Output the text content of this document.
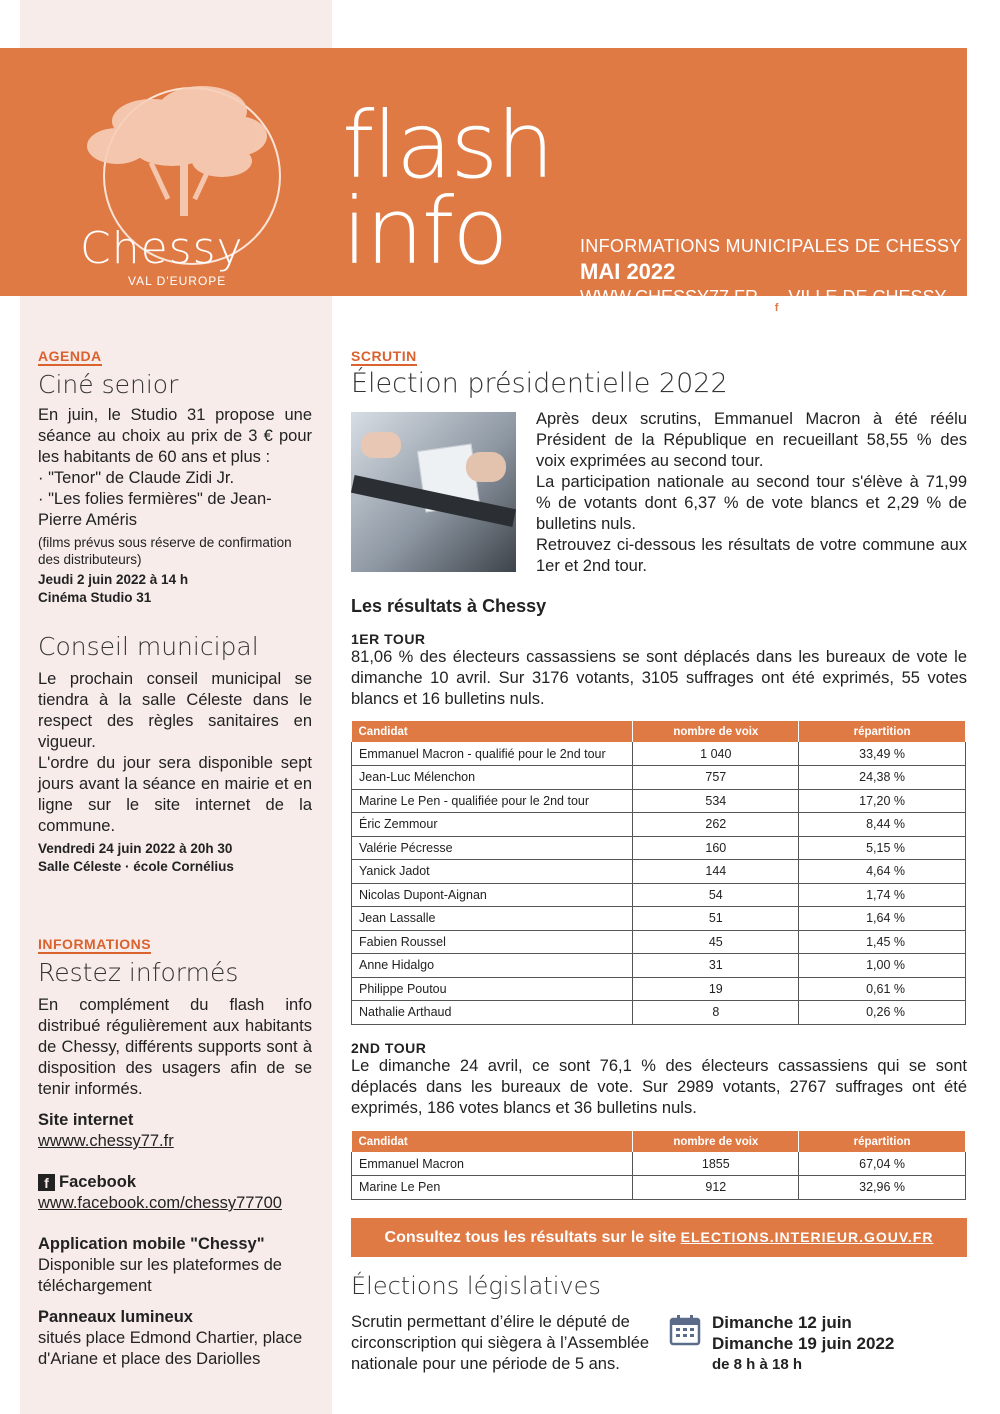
Chessy
VAL D'EUROPE
flash
info	INFORMATIONS MUNICIPALES DE CHESSY
MAI 2022
WWW.CHESSY77.FR ·	f
VILLE DE CHESSY 77
AGENDA
Ciné senior
En juin, le Studio 31 propose une séance au choix au prix de 3 € pour les habitants de 60 ans et plus :
· "Tenor" de Claude Zidi Jr.
· "Les folies fermières" de Jean-Pierre Améris
(films prévus sous réserve de confirmation des distributeurs)
Jeudi 2 juin 2022 à 14 h
Cinéma Studio 31
Conseil municipal
Le prochain conseil municipal se tiendra à la salle Céleste dans le respect des règles sanitaires en vigueur.
L'ordre du jour sera disponible sept jours avant la séance en mairie et en ligne sur le site internet de la commune.
Vendredi 24 juin 2022 à 20h 30
Salle Céleste · école Cornélius
INFORMATIONS
Restez informés
En complément du flash info distribué régulièrement aux habitants de Chessy, différents supports sont à disposition des usagers afin de se tenir informés.
Site internet
wwww.chessy77.fr
f Facebook
www.facebook.com/chessy77700
Application mobile "Chessy"
Disponible sur les plateformes de téléchargement
Panneaux lumineux
situés place Edmond Chartier, place d'Ariane et place des Dariolles
SCRUTIN
Élection présidentielle 2022
Après deux scrutins, Emmanuel Macron à été réélu Président de la République en recueillant 58,55 % des voix exprimées au second tour.
La participation nationale au second tour s'élève à 71,99 % de votants dont 6,37 % de vote blancs et 2,29 % de bulletins nuls.
Retrouvez ci-dessous les résultats de votre commune aux 1er et 2nd tour.
Les résultats à Chessy
1ER TOUR
81,06 % des électeurs cassassiens se sont déplacés dans les bureaux de vote le dimanche 10 avril. Sur 3176 votants, 3105 suffrages ont été exprimés, 55 votes blancs et 16 bulletins nuls.
Candidat	nombre de voix	répartition
Emmanuel Macron - qualifié pour le 2nd tour	1 040	33,49 %
Jean-Luc Mélenchon	757	24,38 %
Marine Le Pen - qualifiée pour le 2nd tour	534	17,20 %
Éric Zemmour	262	8,44 %
Valérie Pécresse	160	5,15 %
Yanick Jadot	144	4,64 %
Nicolas Dupont-Aignan	54	1,74 %
Jean Lassalle	51	1,64 %
Fabien Roussel	45	1,45 %
Anne Hidalgo	31	1,00 %
Philippe Poutou	19	0,61 %
Nathalie Arthaud	8	0,26 %
2ND TOUR
Le dimanche 24 avril, ce sont 76,1 % des électeurs cassassiens qui se sont déplacés dans les bureaux de vote. Sur 2989 votants, 2767 suffrages ont été exprimés, 186 votes blancs et 36 bulletins nuls.
Candidat	nombre de voix	répartition
Emmanuel Macron	1855	67,04 %
Marine Le Pen	912	32,96 %
Consultez tous les résultats sur le site ELECTIONS.INTERIEUR.GOUV.FR
Élections législatives
Scrutin permettant d’élire le député de circonscription qui siègera à l’Assemblée nationale pour une période de 5 ans.
Dimanche 12 juin
Dimanche 19 juin 2022
de 8 h à 18 h
